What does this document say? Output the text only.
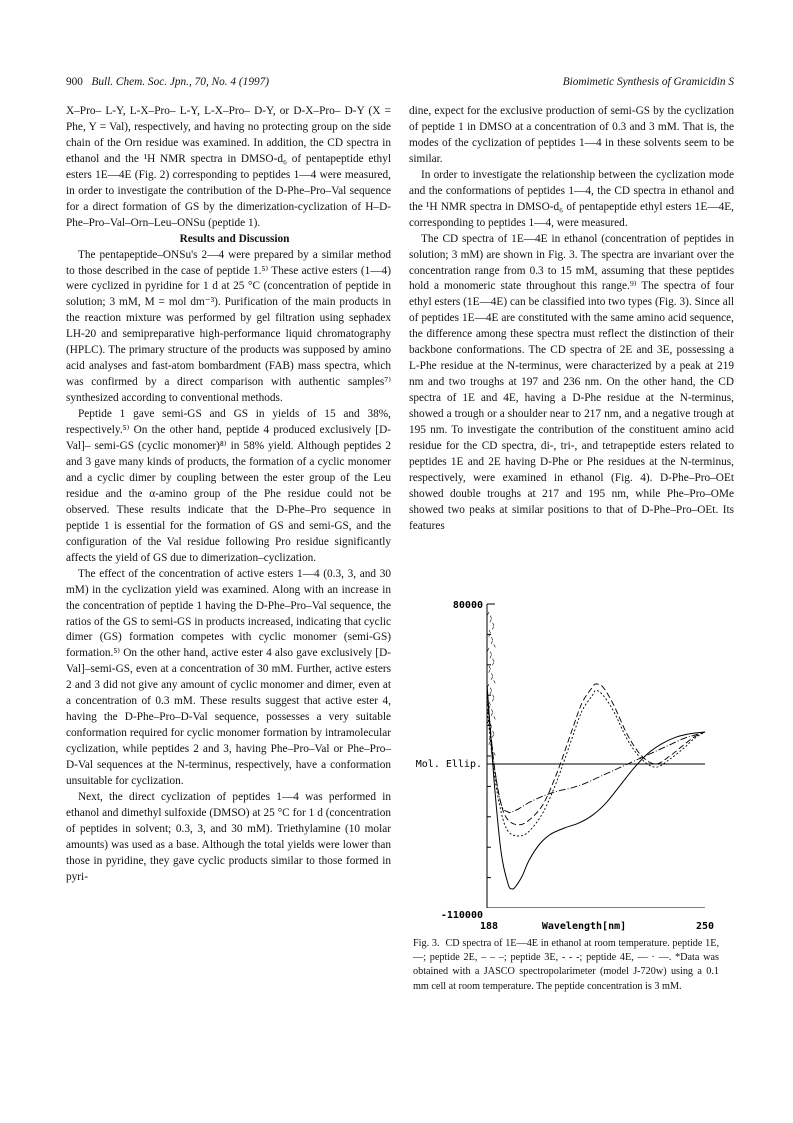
900 Bull. Chem. Soc. Jpn., 70, No. 4 (1997)	Biomimetic Synthesis of Gramicidin S

X–Pro– L-Y, L-X–Pro– L-Y, L-X–Pro– D-Y, or D-X–Pro– D-Y (X = Phe, Y = Val), respectively, and having no protecting group on the side chain of the Orn residue was examined. In addition, the CD spectra in ethanol and the ¹H NMR spectra in DMSO-d₆ of pentapeptide ethyl esters 1E—4E (Fig. 2) corresponding to peptides 1—4 were measured, in order to investigate the contribution of the D-Phe–Pro–Val sequence for a direct formation of GS by the dimerization-cyclization of H–D-Phe–Pro–Val–Orn–Leu–ONSu (peptide 1).

Results and Discussion

The pentapeptide–ONSu's 2—4 were prepared by a similar method to those described in the case of peptide 1.⁵⁾ These active esters (1—4) were cyclized in pyridine for 1 d at 25 °C (concentration of peptide in solution; 3 mM, M = mol dm⁻³). Purification of the main products in the reaction mixture was performed by gel filtration using sephadex LH-20 and semipreparative high-performance liquid chromatography (HPLC). The primary structure of the products was supposed by amino acid analyses and fast-atom bombardment (FAB) mass spectra, which was confirmed by a direct comparison with authentic samples⁷⁾ synthesized according to conventional methods.

Peptide 1 gave semi-GS and GS in yields of 15 and 38%, respectively.⁵⁾ On the other hand, peptide 4 produced exclusively [D-Val]– semi-GS (cyclic monomer)⁸⁾ in 58% yield. Although peptides 2 and 3 gave many kinds of products, the formation of a cyclic monomer and a cyclic dimer by coupling between the ester group of the Leu residue and the α-amino group of the Phe residue could not be observed. These results indicate that the D-Phe–Pro sequence in peptide 1 is essential for the formation of GS and semi-GS, and the configuration of the Val residue following Pro residue significantly affects the yield of GS due to dimerization–cyclization.

The effect of the concentration of active esters 1—4 (0.3, 3, and 30 mM) in the cyclization yield was examined. Along with an increase in the concentration of peptide 1 having the D-Phe–Pro–Val sequence, the ratios of the GS to semi-GS in products increased, indicating that cyclic dimer (GS) formation competes with cyclic monomer (semi-GS) formation.⁵⁾ On the other hand, active ester 4 also gave exclusively [D-Val]–semi-GS, even at a concentration of 30 mM. Further, active esters 2 and 3 did not give any amount of cyclic monomer and dimer, even at a concentration of 0.3 mM. These results suggest that active ester 4, having the D-Phe–Pro–D-Val sequence, possesses a very suitable conformation required for cyclic monomer formation by intramolecular cyclization, while peptides 2 and 3, having Phe–Pro–Val or Phe–Pro–D-Val sequences at the N-terminus, respectively, have a conformation unsuitable for cyclization.

Next, the direct cyclization of peptides 1—4 was performed in ethanol and dimethyl sulfoxide (DMSO) at 25 °C for 1 d (concentration of peptides in solvent; 0.3, 3, and 30 mM). Triethylamine (10 molar amounts) was used as a base. Although the total yields were lower than those in pyridine, they gave cyclic products similar to those formed in pyri-

dine, expect for the exclusive production of semi-GS by the cyclization of peptide 1 in DMSO at a concentration of 0.3 and 3 mM. That is, the modes of the cyclization of peptides 1—4 in these solvents seem to be similar.

In order to investigate the relationship between the cyclization mode and the conformations of peptides 1—4, the CD spectra in ethanol and the ¹H NMR spectra in DMSO-d₆ of pentapeptide ethyl esters 1E—4E, corresponding to peptides 1—4, were measured.

The CD spectra of 1E—4E in ethanol (concentration of peptides in solution; 3 mM) are shown in Fig. 3. The spectra are invariant over the concentration range from 0.3 to 15 mM, assuming that these peptides hold a monomeric state throughout this range.⁹⁾ The spectra of four ethyl esters (1E—4E) can be classified into two types (Fig. 3). Since all of peptides 1E—4E are constituted with the same amino acid sequence, the difference among these spectra must reflect the distinction of their backbone conformations. The CD spectra of 2E and 3E, possessing a L-Phe residue at the N-terminus, were characterized by a peak at 219 nm and two troughs at 197 and 236 nm. On the other hand, the CD spectra of 1E and 4E, having a D-Phe residue at the N-terminus, showed a trough or a shoulder near to 217 nm, and a negative trough at 195 nm. To investigate the contribution of the constituent amino acid residue for the CD spectra, di-, tri-, and tetrapeptide esters related to peptides 1E and 2E having D-Phe or Phe residues at the N-terminus, respectively, were examined in ethanol (Fig. 4). D-Phe–Pro–OEt showed double troughs at 217 and 195 nm, while Phe–Pro–OMe showed two peaks at similar positions to that of D-Phe–Pro–OEt. Its features

80000
Mol. Ellip.
-110000
188	Wavelength[nm]	250
Fig. 3. CD spectra of 1E—4E in ethanol at room temperature. peptide 1E, —; peptide 2E, – – –; peptide 3E, - - -; peptide 4E, — · —. *Data was obtained with a JASCO spectropolarimeter (model J-720w) using a 0.1 mm cell at room temperature. The peptide concentration is 3 mM.
